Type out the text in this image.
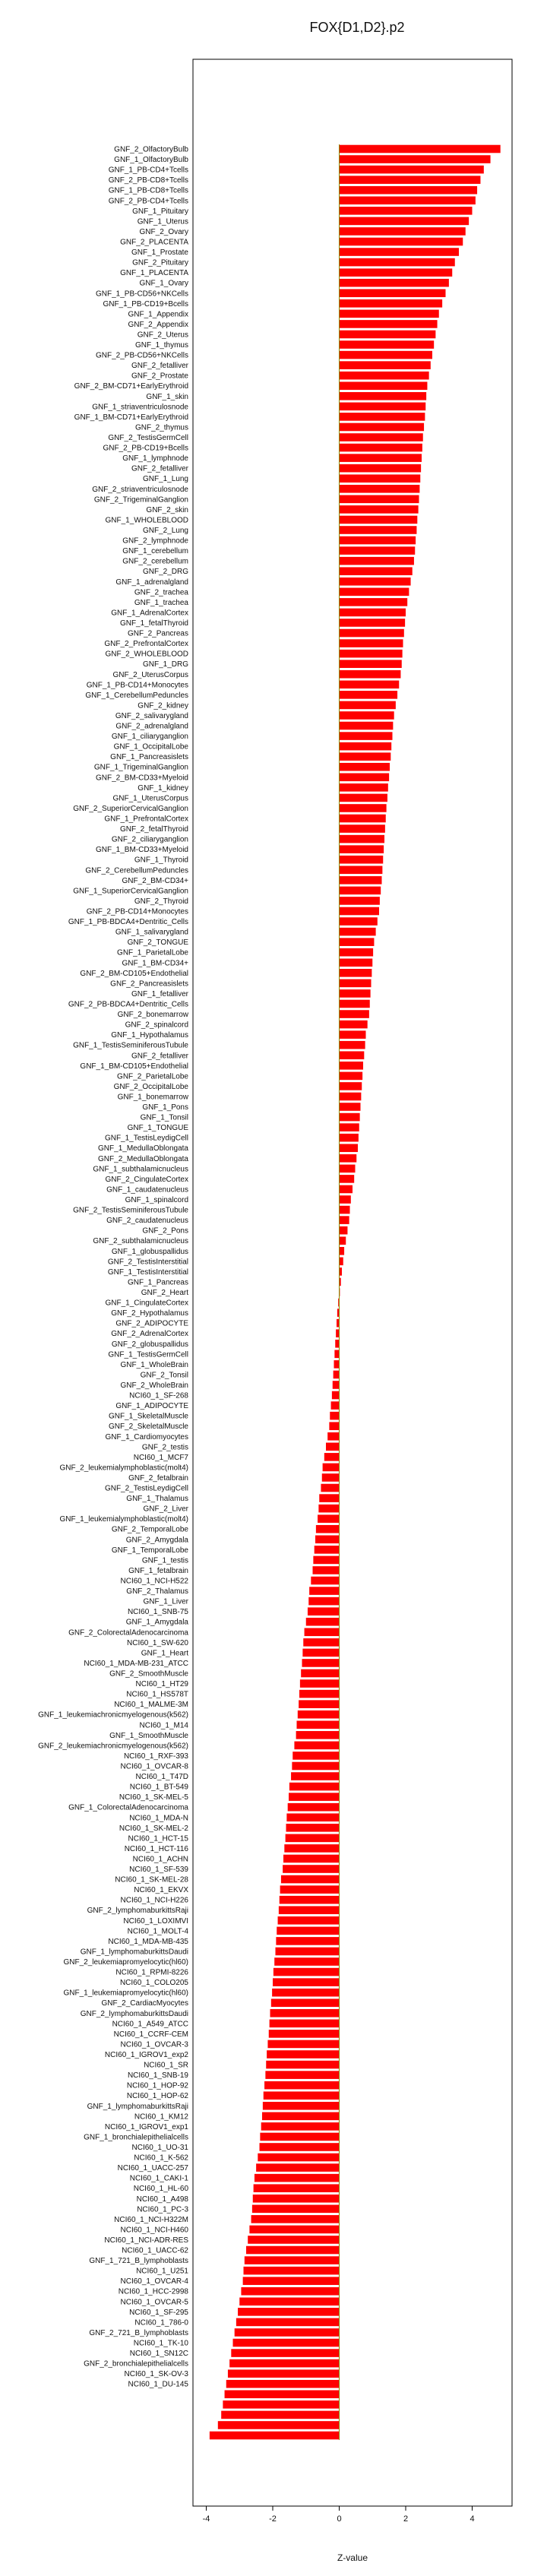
FOX{D1,D2}.p2
GNF_2_OlfactoryBulb
GNF_1_OlfactoryBulb
GNF_1_PB-CD4+Tcells
GNF_2_PB-CD8+Tcells
GNF_1_PB-CD8+Tcells
GNF_2_PB-CD4+Tcells
GNF_1_Pituitary
GNF_1_Uterus
GNF_2_Ovary
GNF_2_PLACENTA
GNF_1_Prostate
GNF_2_Pituitary
GNF_1_PLACENTA
GNF_1_Ovary
GNF_1_PB-CD56+NKCells
GNF_1_PB-CD19+Bcells
GNF_1_Appendix
GNF_2_Appendix
GNF_2_Uterus
GNF_1_thymus
GNF_2_PB-CD56+NKCells
GNF_2_fetalliver
GNF_2_Prostate
GNF_2_BM-CD71+EarlyErythroid
GNF_1_skin
GNF_1_striaventriculosnode
GNF_1_BM-CD71+EarlyErythroid
GNF_2_thymus
GNF_2_TestisGermCell
GNF_2_PB-CD19+Bcells
GNF_1_lymphnode
GNF_2_fetalliver
GNF_1_Lung
GNF_2_striaventriculosnode
GNF_2_TrigeminalGanglion
GNF_2_skin
GNF_1_WHOLEBLOOD
GNF_2_Lung
GNF_2_lymphnode
GNF_1_cerebellum
GNF_2_cerebellum
GNF_2_DRG
GNF_1_adrenalgland
GNF_2_trachea
GNF_1_trachea
GNF_1_AdrenalCortex
GNF_1_fetalThyroid
GNF_2_Pancreas
GNF_2_PrefrontalCortex
GNF_2_WHOLEBLOOD
GNF_1_DRG
GNF_2_UterusCorpus
GNF_1_PB-CD14+Monocytes
GNF_1_CerebellumPeduncles
GNF_2_kidney
GNF_2_salivarygland
GNF_2_adrenalgland
GNF_1_ciliaryganglion
GNF_1_OccipitalLobe
GNF_1_Pancreasislets
GNF_1_TrigeminalGanglion
GNF_2_BM-CD33+Myeloid
GNF_1_kidney
GNF_1_UterusCorpus
GNF_2_SuperiorCervicalGanglion
GNF_1_PrefrontalCortex
GNF_2_fetalThyroid
GNF_2_ciliaryganglion
GNF_1_BM-CD33+Myeloid
GNF_1_Thyroid
GNF_2_CerebellumPeduncles
GNF_2_BM-CD34+
GNF_1_SuperiorCervicalGanglion
GNF_2_Thyroid
GNF_2_PB-CD14+Monocytes
GNF_1_PB-BDCA4+Dentritic_Cells
GNF_1_salivarygland
GNF_2_TONGUE
GNF_1_ParietalLobe
GNF_1_BM-CD34+
GNF_2_BM-CD105+Endothelial
GNF_2_Pancreasislets
GNF_1_fetalliver
GNF_2_PB-BDCA4+Dentritic_Cells
GNF_2_bonemarrow
GNF_2_spinalcord
GNF_1_Hypothalamus
GNF_1_TestisSeminiferousTubule
GNF_2_fetalliver
GNF_1_BM-CD105+Endothelial
GNF_2_ParietalLobe
GNF_2_OccipitalLobe
GNF_1_bonemarrow
GNF_1_Pons
GNF_1_Tonsil
GNF_1_TONGUE
GNF_1_TestisLeydigCell
GNF_1_MedullaOblongata
GNF_2_MedullaOblongata
GNF_1_subthalamicnucleus
GNF_2_CingulateCortex
GNF_1_caudatenucleus
GNF_1_spinalcord
GNF_2_TestisSeminiferousTubule
GNF_2_caudatenucleus
GNF_2_Pons
GNF_2_subthalamicnucleus
GNF_1_globuspallidus
GNF_2_TestisInterstitial
GNF_1_TestisInterstitial
GNF_1_Pancreas
GNF_2_Heart
GNF_1_CingulateCortex
GNF_2_Hypothalamus
GNF_2_ADIPOCYTE
GNF_2_AdrenalCortex
GNF_2_globuspallidus
GNF_1_TestisGermCell
GNF_1_WholeBrain
GNF_2_Tonsil
GNF_2_WholeBrain
NCI60_1_SF-268
GNF_1_ADIPOCYTE
GNF_1_SkeletalMuscle
GNF_2_SkeletalMuscle
GNF_1_Cardiomyocytes
GNF_2_testis
NCI60_1_MCF7
GNF_2_leukemialymphoblastic(molt4)
GNF_2_fetalbrain
GNF_2_TestisLeydigCell
GNF_1_Thalamus
GNF_2_Liver
GNF_1_leukemialymphoblastic(molt4)
GNF_2_TemporalLobe
GNF_2_Amygdala
GNF_1_TemporalLobe
GNF_1_testis
GNF_1_fetalbrain
NCI60_1_NCI-H522
GNF_2_Thalamus
GNF_1_Liver
NCI60_1_SNB-75
GNF_1_Amygdala
GNF_2_ColorectalAdenocarcinoma
NCI60_1_SW-620
GNF_1_Heart
NCI60_1_MDA-MB-231_ATCC
GNF_2_SmoothMuscle
NCI60_1_HT29
NCI60_1_HS578T
NCI60_1_MALME-3M
GNF_1_leukemiachronicmyelogenous(k562)
NCI60_1_M14
GNF_1_SmoothMuscle
GNF_2_leukemiachronicmyelogenous(k562)
NCI60_1_RXF-393
NCI60_1_OVCAR-8
NCI60_1_T47D
NCI60_1_BT-549
NCI60_1_SK-MEL-5
GNF_1_ColorectalAdenocarcinoma
NCI60_1_MDA-N
NCI60_1_SK-MEL-2
NCI60_1_HCT-15
NCI60_1_HCT-116
NCI60_1_ACHN
NCI60_1_SF-539
NCI60_1_SK-MEL-28
NCI60_1_EKVX
NCI60_1_NCI-H226
GNF_2_lymphomaburkittsRaji
NCI60_1_LOXIMVI
NCI60_1_MOLT-4
NCI60_1_MDA-MB-435
GNF_1_lymphomaburkittsDaudi
GNF_2_leukemiapromyelocytic(hl60)
NCI60_1_RPMI-8226
NCI60_1_COLO205
GNF_1_leukemiapromyelocytic(hl60)
GNF_2_CardiacMyocytes
GNF_2_lymphomaburkittsDaudi
NCI60_1_A549_ATCC
NCI60_1_CCRF-CEM
NCI60_1_OVCAR-3
NCI60_1_IGROV1_exp2
NCI60_1_SR
NCI60_1_SNB-19
NCI60_1_HOP-92
NCI60_1_HOP-62
GNF_1_lymphomaburkittsRaji
NCI60_1_KM12
NCI60_1_IGROV1_exp1
GNF_1_bronchialepithelialcells
NCI60_1_UO-31
NCI60_1_K-562
NCI60_1_UACC-257
NCI60_1_CAKI-1
NCI60_1_HL-60
NCI60_1_A498
NCI60_1_PC-3
NCI60_1_NCI-H322M
NCI60_1_NCI-H460
NCI60_1_NCI-ADR-RES
NCI60_1_UACC-62
GNF_1_721_B_lymphoblasts
NCI60_1_U251
NCI60_1_OVCAR-4
NCI60_1_HCC-2998
NCI60_1_OVCAR-5
NCI60_1_SF-295
NCI60_1_786-0
GNF_2_721_B_lymphoblasts
NCI60_1_TK-10
NCI60_1_SN12C
GNF_2_bronchialepithelialcells
NCI60_1_SK-OV-3
NCI60_1_DU-145
-4	-2	0	2	4
Z-value
